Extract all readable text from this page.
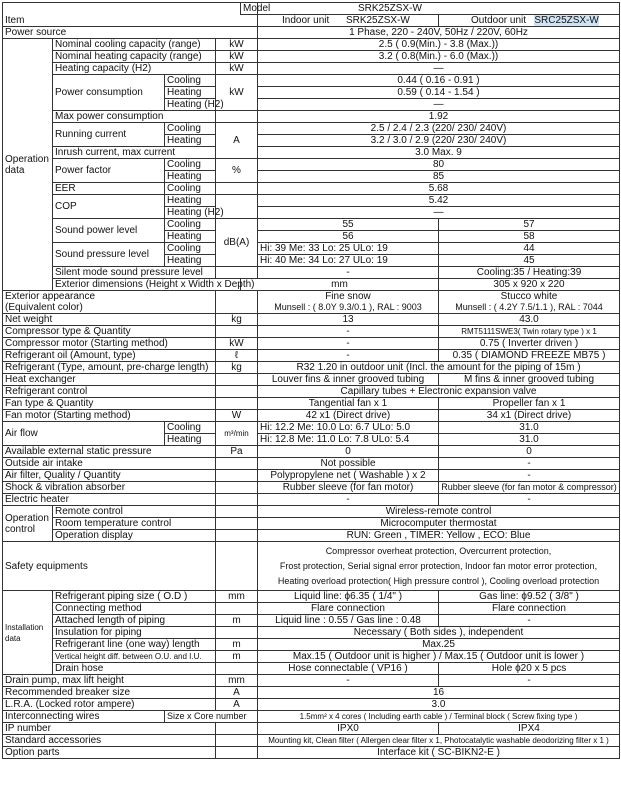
				Model	SRK25ZSX-W		
Item					Indoor unit SRK25ZSX-W	Outdoor unit SRC25ZSX-W	
Power source					1 Phase, 220 - 240V, 50Hz / 220V, 60Hz		
Operation data	Nominal cooling capacity (range)		kW		2.5 ( 0.9(Min.) - 3.8 (Max.))		
	Nominal heating capacity (range)		kW		3.2 ( 0.8(Min.) - 6.0 (Max.))		
	Heating capacity (H2)		kW		—		
	Power consumption	Cooling	kW		0.44 ( 0.16 - 0.91 )		
		Heating			0.59 ( 0.14 - 1.54 )		
		Heating (H2)			—		
	Max power consumption				1.92		
	Running current	Cooling	A		2.5 / 2.4 / 2.3 (220/ 230/ 240V)		
		Heating			3.2 / 3.0 / 2.9 (220/ 230/ 240V)		
	Inrush current, max current				3.0 Max. 9		
	Power factor	Cooling	%		80		
		Heating			85		
	EER	Cooling			5.68		
	COP	Heating			5.42		
		Heating (H2)			—		
	Sound power level	Cooling	dB(A)		55	57	
		Heating			56	58	
	Sound pressure level	Cooling			Hi: 39 Me: 33 Lo: 25 ULo: 19	44	
		Heating			Hi: 40 Me: 34 Lo: 27 ULo: 19	45	
	Silent mode sound pressure level				-	Cooling:35 / Heating:39	
	Exterior dimensions (Height x Width x Depth)			mm		305 x 920 x 220	
Exterior appearance					Fine snow	Stucco white	
(Equivalent color)					Munsell : ( 8.0Y 9.3/0.1 ), RAL : 9003	Munsell : ( 4.2Y 7.5/1.1 ), RAL : 7044	
Net weight			kg		13	43.0	
Compressor type & Quantity					-	RMT5111SWE3( Twin rotary type ) x 1	
Compressor motor (Starting method)			kW		-	0.75 ( Inverter driven )	
Refrigerant oil (Amount, type)			ℓ		-	0.35 ( DIAMOND FREEZE MB75 )	
Refrigerant (Type, amount, pre-charge length)			kg		R32 1.20 in outdoor unit (Incl. the amount for the piping of 15m )		
Heat exchanger					Louver fins & inner grooved tubing	M fins & inner grooved tubing	
Refrigerant control					Capillary tubes + Electronic expansion valve		
Fan type & Quantity					Tangential fan x 1	Propeller fan x 1	
Fan motor (Starting method)			W		42 x1 (Direct drive)	34 x1 (Direct drive)	
Air flow		Cooling	m³/min		Hi: 12.2 Me: 10.0 Lo: 6.7 ULo: 5.0	31.0	
		Heating			Hi: 12.8 Me: 11.0 Lo: 7.8 ULo: 5.4	31.0	
Available external static pressure			Pa		0	0	
Outside air intake					Not possible	-	
Air filter, Quality / Quantity					Polypropylene net ( Washable ) x 2	-	
Shock & vibration absorber					Rubber sleeve (for fan motor)	Rubber sleeve (for fan motor & compressor)	
Electric heater					-	-	
Operation control	Remote control				Wireless-remote control		
	Room temperature control				Microcomputer thermostat		
	Operation display				RUN: Green , TIMER: Yellow , ECO: Blue		
Safety equipments					Compressor overheat protection, Overcurrent protection,
Frost protection, Serial signal error protection, Indoor fan motor error protection,
Heating overload protection( High pressure control ), Cooling overload protection		

Installation data	Refrigerant piping size ( O.D )		mm		Liquid line: ϕ6.35 ( 1/4" )	Gas line: ϕ9.52 ( 3/8" )	
	Connecting method				Flare connection	Flare connection	
	Attached length of piping		m		Liquid line : 0.55 / Gas line : 0.48	-	
	Insulation for piping				Necessary ( Both sides ), independent		
	Refrigerant line (one way) length		m		Max.25		
	Vertical height diff. between O.U. and I.U.		m		Max.15 ( Outdoor unit is higher ) / Max.15 ( Outdoor unit is lower )		
	Drain hose				Hose connectable ( VP16 )	Hole ϕ20 x 5 pcs	
Drain pump, max lift height			mm		-	-	
Recommended breaker size			A		16		
L.R.A. (Locked rotor ampere)			A		3.0		
Interconnecting wires		Size x Core number			1.5mm² x 4 cores ( Including earth cable ) / Terminal block ( Screw fixing type )		
IP number					IPX0	IPX4	
Standard accessories					Mounting kit, Clean filter ( Allergen clear filter x 1, Photocatalytic washable deodorizing filter x 1 )		
Option parts					Interface kit ( SC-BIKN2-E )		
